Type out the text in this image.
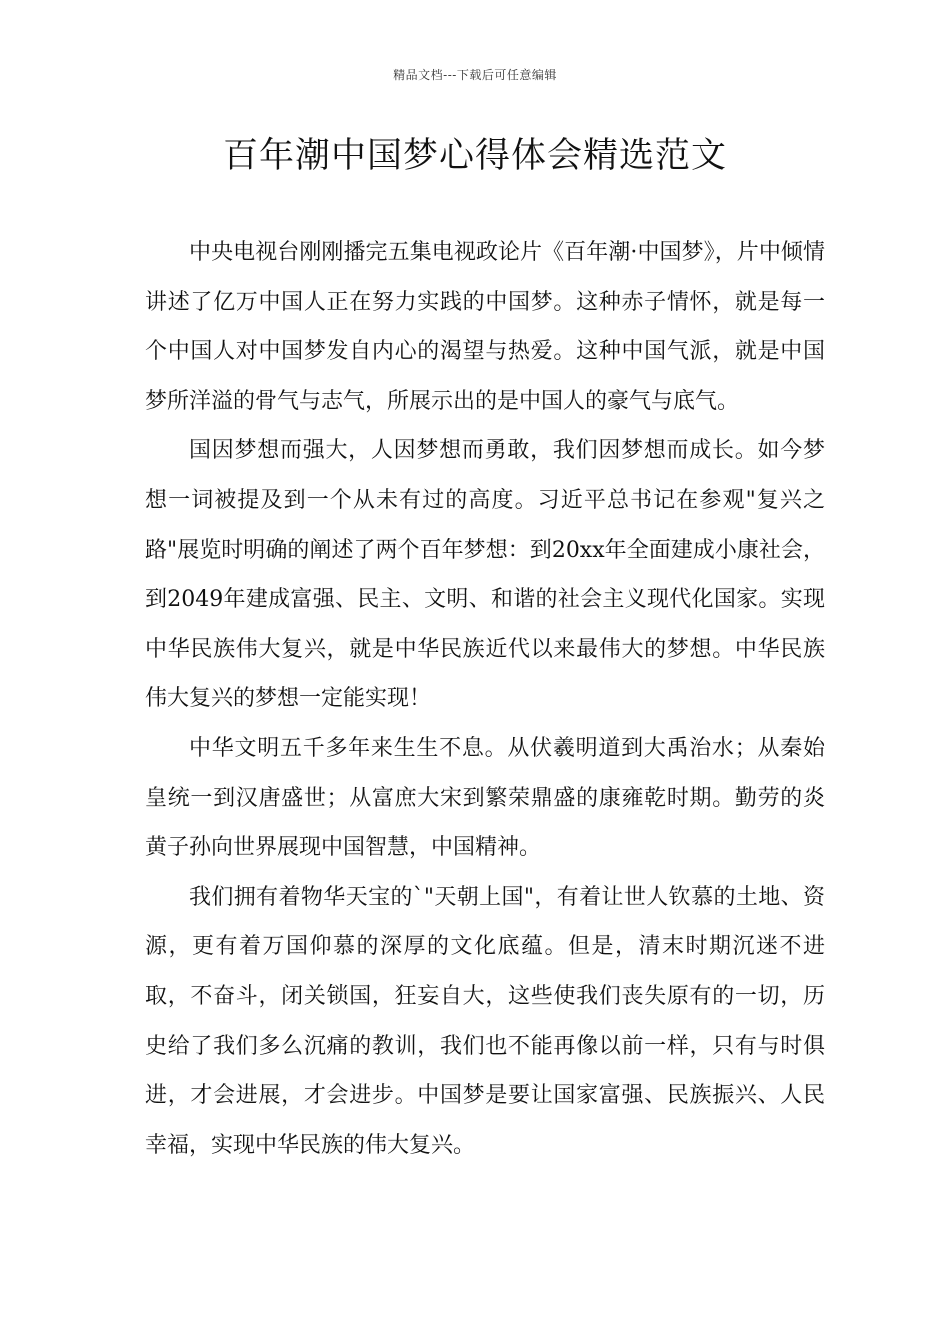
精品文档---下载后可任意编辑
百年潮中国梦心得体会精选范文

中央电视台刚刚播完五集电视政论片《百年潮·中国梦》，片中倾情讲述了亿万中国人正在努力实践的中国梦。这种赤子情怀，就是每一个中国人对中国梦发自内心的渴望与热爱。这种中国气派，就是中国梦所洋溢的骨气与志气，所展示出的是中国人的豪气与底气。

国因梦想而强大，人因梦想而勇敢，我们因梦想而成长。如今梦想一词被提及到一个从未有过的高度。习近平总书记在参观"复兴之路"展览时明确的阐述了两个百年梦想：到20xx年全面建成小康社会，到2049年建成富强、民主、文明、和谐的社会主义现代化国家。实现中华民族伟大复兴，就是中华民族近代以来最伟大的梦想。中华民族伟大复兴的梦想一定能实现！

中华文明五千多年来生生不息。从伏羲明道到大禹治水；从秦始皇统一到汉唐盛世；从富庶大宋到繁荣鼎盛的康雍乾时期。勤劳的炎黄子孙向世界展现中国智慧，中国精神。

我们拥有着物华天宝的`"天朝上国"，有着让世人钦慕的土地、资源，更有着万国仰慕的深厚的文化底蕴。但是，清末时期沉迷不进取，不奋斗，闭关锁国，狂妄自大，这些使我们丧失原有的一切，历史给了我们多么沉痛的教训，我们也不能再像以前一样，只有与时俱进，才会进展，才会进步。中国梦是要让国家富强、民族振兴、人民幸福，实现中华民族的伟大复兴。
